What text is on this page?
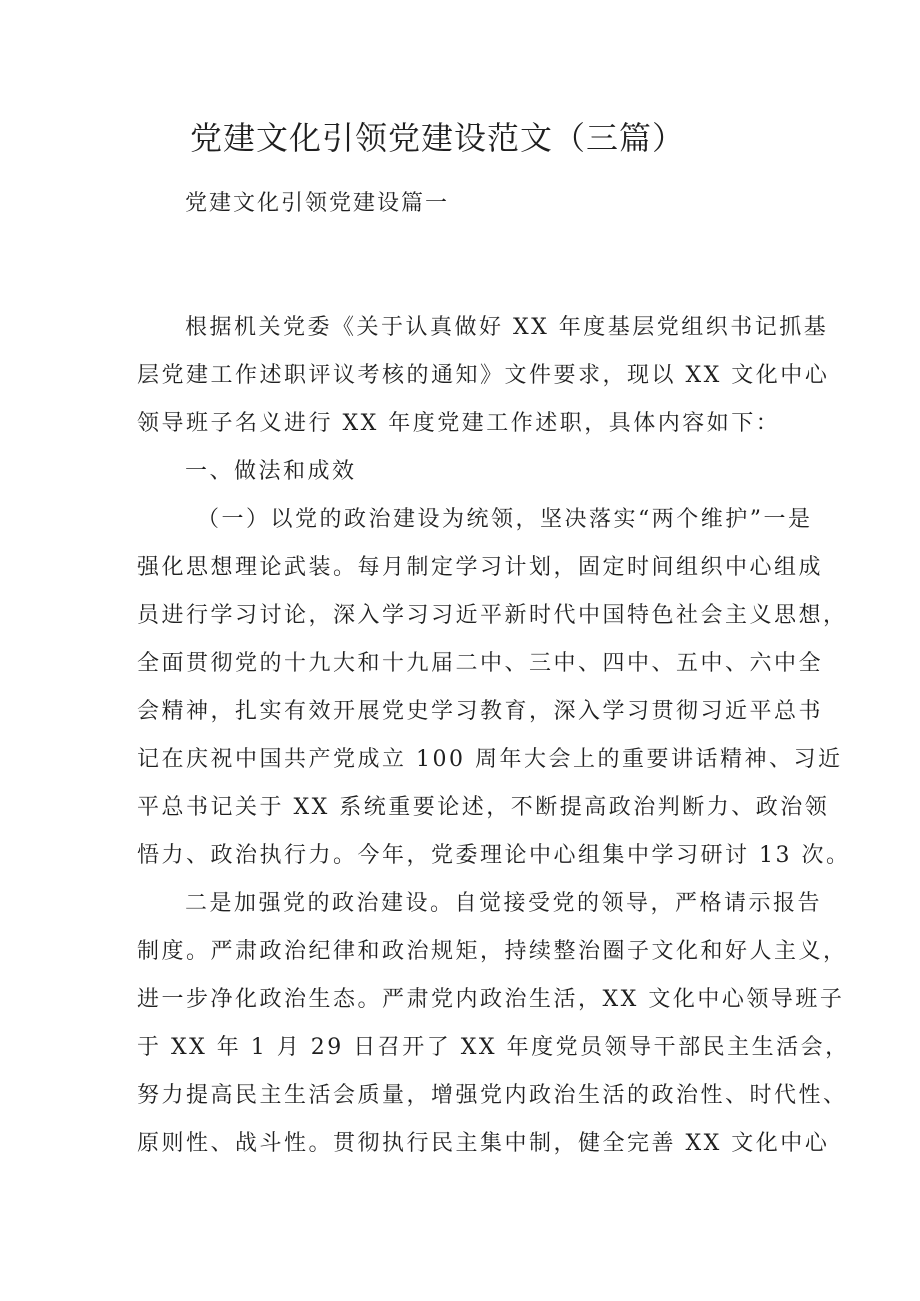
党建文化引领党建设范文（三篇）
党建文化引领党建设篇一
根据机关党委《关于认真做好 XX 年度基层党组织书记抓基
层党建工作述职评议考核的通知》文件要求，现以 XX 文化中心
领导班子名义进行 XX 年度党建工作述职，具体内容如下：
一、做法和成效
（一）以党的政治建设为统领，坚决落实“两个维护”一是
强化思想理论武装。每月制定学习计划，固定时间组织中心组成
员进行学习讨论，深入学习习近平新时代中国特色社会主义思想，
全面贯彻党的十九大和十九届二中、三中、四中、五中、六中全
会精神，扎实有效开展党史学习教育，深入学习贯彻习近平总书
记在庆祝中国共产党成立 100 周年大会上的重要讲话精神、习近
平总书记关于 XX 系统重要论述，不断提高政治判断力、政治领
悟力、政治执行力。今年，党委理论中心组集中学习研讨 13 次。
二是加强党的政治建设。自觉接受党的领导，严格请示报告
制度。严肃政治纪律和政治规矩，持续整治圈子文化和好人主义，
进一步净化政治生态。严肃党内政治生活，XX 文化中心领导班子
于 XX 年 1 月 29 日召开了 XX 年度党员领导干部民主生活会，
努力提高民主生活会质量，增强党内政治生活的政治性、时代性、
原则性、战斗性。贯彻执行民主集中制，健全完善 XX 文化中心
